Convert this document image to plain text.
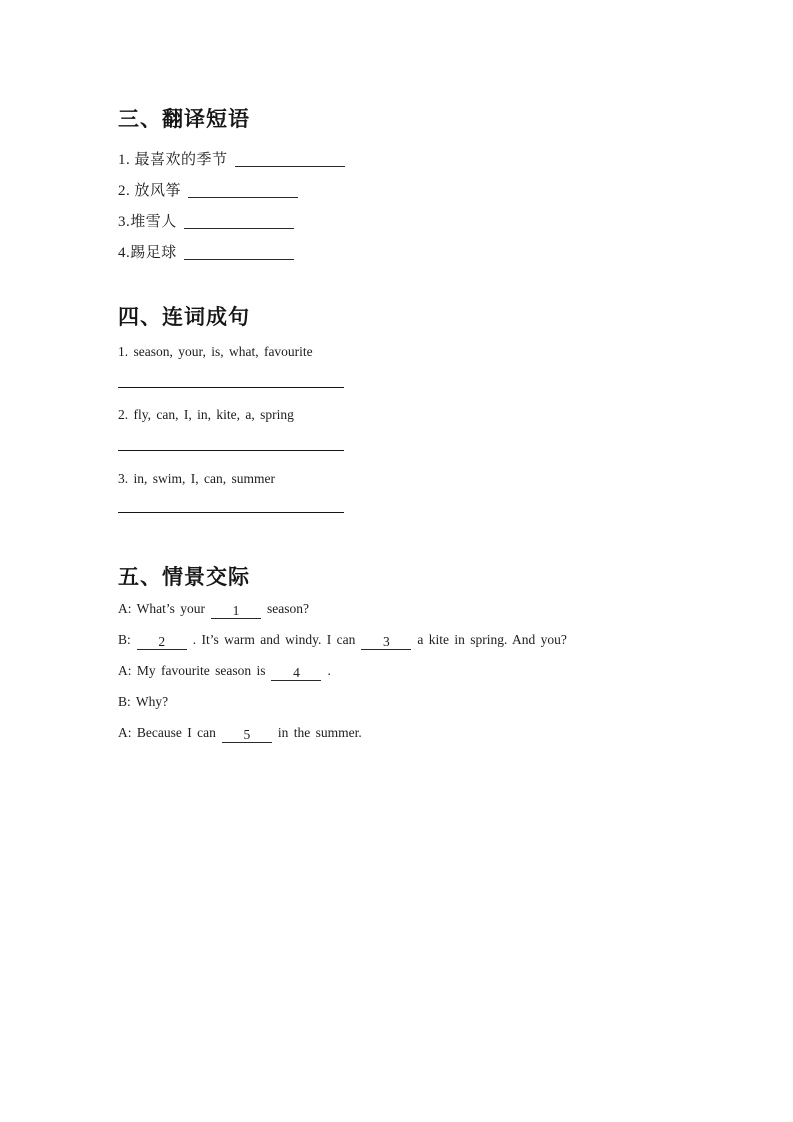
三、翻译短语
1. 最喜欢的季节
2. 放风筝
3.堆雪人
4.踢足球
四、连词成句
1. season, your, is, what, favourite
2. fly, can, I, in, kite, a, spring
3. in, swim, I, can, summer
五、情景交际
A: What’s your 1 season?
B: 2 . It’s warm and windy. I can 3 a kite in spring. And you?
A: My favourite season is 4 .
B: Why?
A: Because I can 5 in the summer.
